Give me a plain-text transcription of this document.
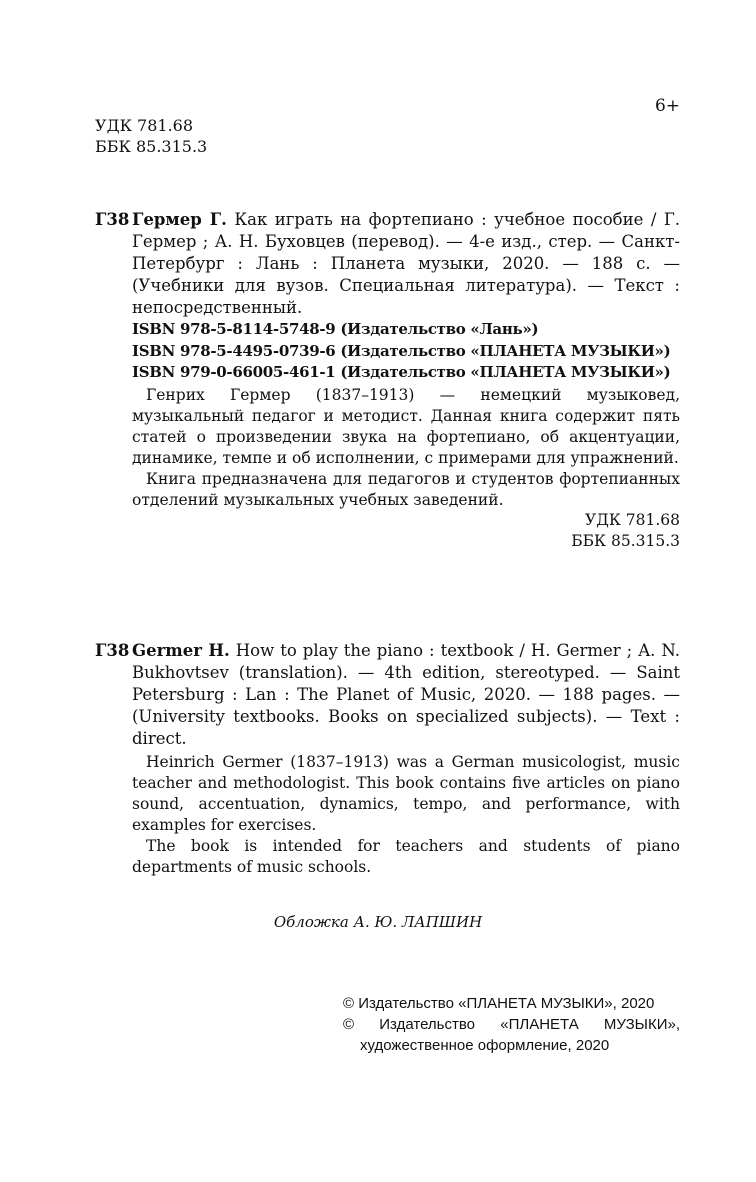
6+
УДК 781.68
ББК 85.315.3
Г38 Гермер Г. Как играть на фортепиано : учебное пособие / Г. Гермер ; А. Н. Буховцев (перевод). — 4-е изд., стер. — Санкт-Петербург : Лань : Планета музыки, 2020. — 188 с. — (Учебники для вузов. Специальная литература). — Текст : непосредственный.
ISBN 978-5-8114-5748-9 (Издательство «Лань»)
ISBN 978-5-4495-0739-6 (Издательство «ПЛАНЕТА МУЗЫКИ»)
ISBN 979-0-66005-461-1 (Издательство «ПЛАНЕТА МУЗЫКИ»)

Генрих Гермер (1837–1913) — немецкий музыковед, музыкальный педагог и методист. Данная книга содержит пять статей о произведении звука на фортепиано, об акцентуации, динамике, темпе и об исполнении, с примерами для упражнений.

Книга предназначена для педагогов и студентов фортепианных отделений музыкальных учебных заведений.

УДК 781.68
ББК 85.315.3
Г38 Germer H. How to play the piano : textbook / H. Germer ; A. N. Bukhovtsev (translation). — 4th edition, stereotyped. — Saint Petersburg : Lan : The Planet of Music, 2020. — 188 pages. — (University textbooks. Books on specialized subjects). — Text : direct.

Heinrich Germer (1837–1913) was a German musicologist, music teacher and methodologist. This book contains five articles on piano sound, accentuation, dynamics, tempo, and performance, with examples for exercises.

The book is intended for teachers and students of piano departments of music schools.

Обложка А. Ю. ЛАПШИН
© Издательство «ПЛАНЕТА МУЗЫКИ», 2020
© Издательство «ПЛАНЕТА МУЗЫКИ»,
художественное оформление, 2020
